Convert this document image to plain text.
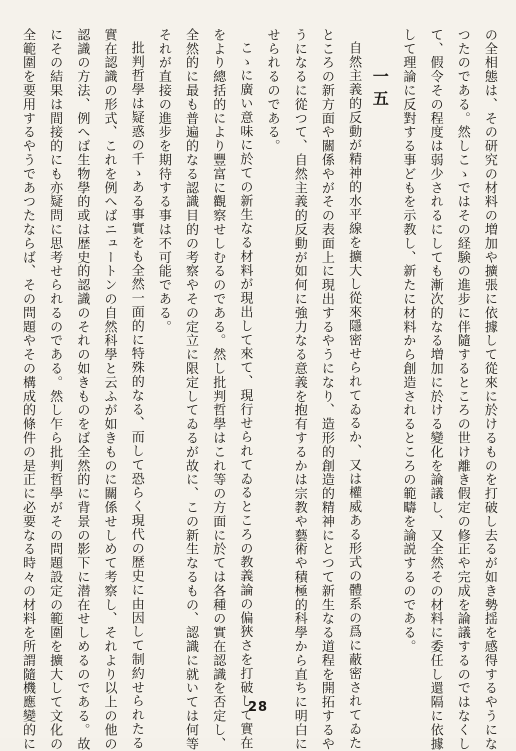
の全相態は、その研究の材料の増加や擴張に依據して從來に於けるものを打破し去るが如き勢揺を感得するやうにな
つたのである。然しこゝではその経験の進步に伴隨するところの世け離き假定の修正や完成を論議するのではなくし
て、假令その程度は弱少されるにしても漸次的なる増加に於ける變化を論議し、又全然その材料に委任し還隔に依據
して理論に反對する事どもを示教し、新たに材料から創造されるところの範疇を論説するのである。
一五
自然主義的反動が精神的水平線を擴大し從來隱密せられてゐるか、又は權威ある形式の體系の爲に蔽密されてゐた
ところの新方面や關係やがその表面上に現出するやうになり、造形的創造的精神にとつて新生なる道程を開拓するや
うになるに從つて、自然主義的反動が如何に強力なる意義を抱有するかは宗教や藝術や積極的科學から直ちに明白に
せられるのである。
こゝに廣い意味に於ての新生なる材料が現出して來て、現行せられてゐるところの教義論の偏狹さを打破して實在
をより總括的により豐富に觀察せしむるのである。然し批判哲學はこれ等の方面に於ては各種の實在認識を否定し、
全然的に最も普遍的なる認識目的の考察やその定立に限定してゐるが故に、この新生なるもの、認識に就いては何等
それが直接の進步を期待する事は不可能である。
批判哲學は疑惑の千ゝある事實をも全然一面的に特殊的なる、而して恐らく現代の歴史に由因して制約せられたる
實在認識の形式、これを例へばニュートンの自然科學と云ふが如きものに關係せしめて考察し、それより以上の他の
認識の方法、例へば生物學的或は歴史的認識のそれの如きものをば全然的に背景の影下に潜在せしめるのである。故
にその結果は間接的にも亦疑問に思考せられるのである。然し乍ら批判哲學がその問題設定の範圍を擴大して文化の
全範圍を要用するやうであつたならば、その問題やその構成的條件の是正に必要なる時々の材料を所謂隨機應變的に	28
